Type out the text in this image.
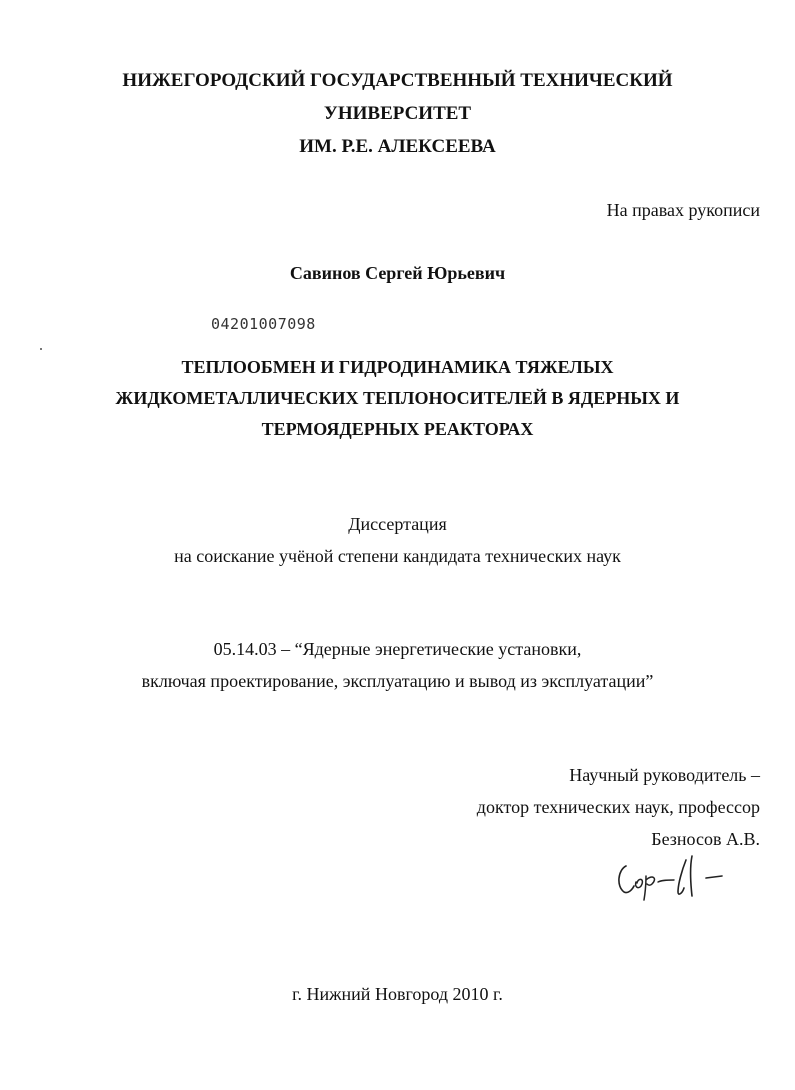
НИЖЕГОРОДСКИЙ ГОСУДАРСТВЕННЫЙ ТЕХНИЧЕСКИЙ
УНИВЕРСИТЕТ
ИМ. Р.Е. АЛЕКСЕЕВА
На правах рукописи
Савинов Сергей Юрьевич
04201007098
ТЕПЛООБМЕН И ГИДРОДИНАМИКА ТЯЖЕЛЫХ
ЖИДКОМЕТАЛЛИЧЕСКИХ ТЕПЛОНОСИТЕЛЕЙ В ЯДЕРНЫХ И
ТЕРМОЯДЕРНЫХ РЕАКТОРАХ
Диссертация
на соискание учёной степени кандидата технических наук
05.14.03 – “Ядерные энергетические установки,
включая проектирование, эксплуатацию и вывод из эксплуатации”
Научный руководитель –
доктор технических наук, профессор
Безносов А.В.
г. Нижний Новгород 2010 г.
